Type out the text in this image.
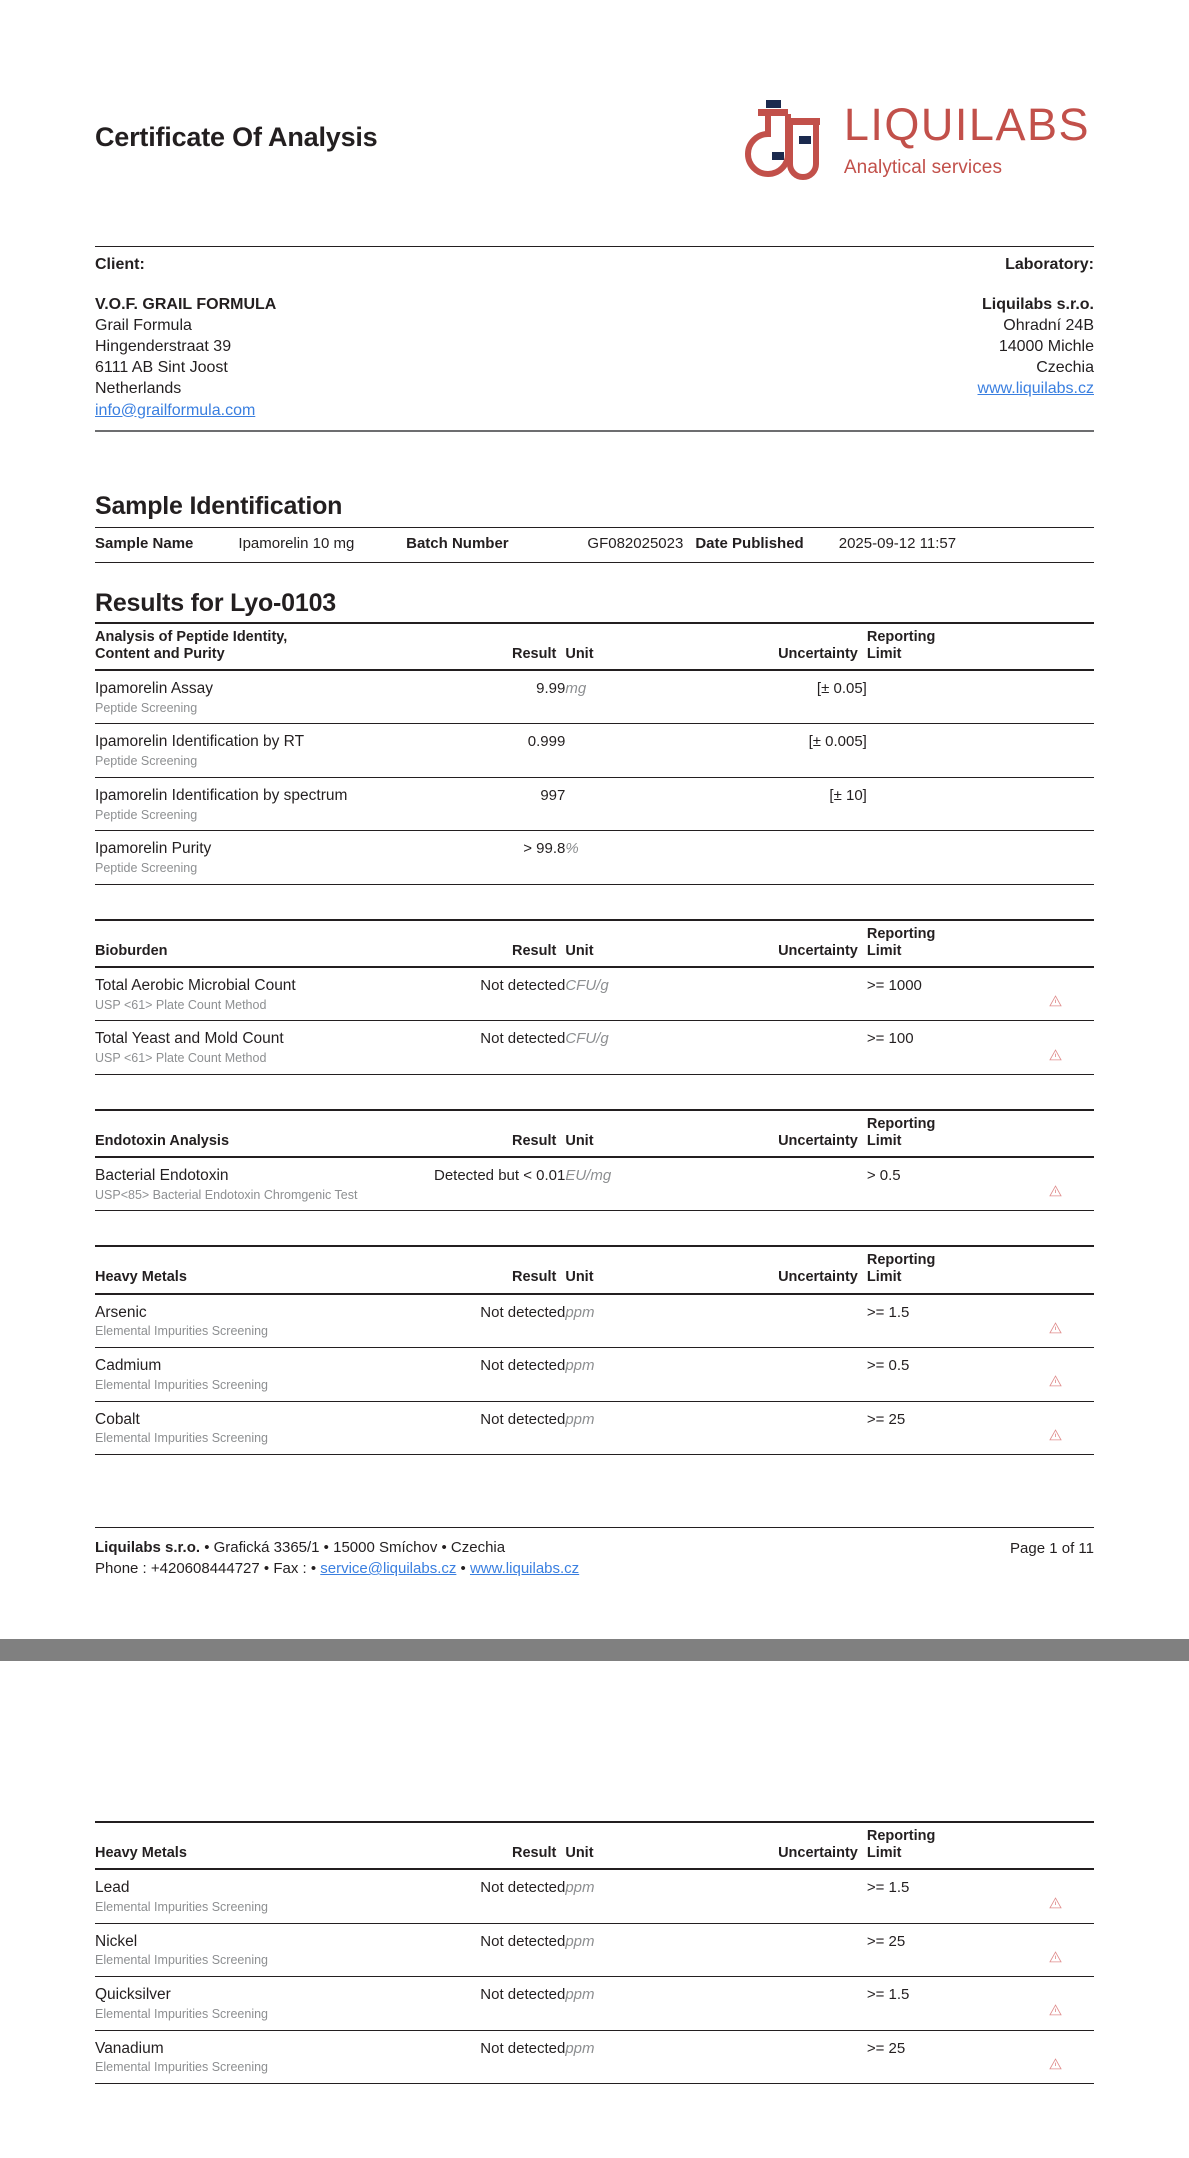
Certificate Of Analysis	LIQUILABS
Analytical services
Client:	Laboratory:
V.O.F. GRAIL FORMULA
Grail Formula
Hingenderstraat 39
6111 AB Sint Joost
Netherlands
info@grailformula.com
Liquilabs s.r.o.
Ohradní 24B
14000 Michle
Czechia
www.liquilabs.cz
Sample Identification
Sample Name	Ipamorelin 10 mg	Batch Number	GF082025023	Date Published	2025-09-12 11:57
Results for Lyo-0103
Analysis of Peptide Identity,
Content and Purity	Result	Unit	Uncertainty	Reporting
Limit	
Ipamorelin Assay
Peptide Screening	9.99	mg	[± 0.05]		
Ipamorelin Identification by RT
Peptide Screening	0.999		[± 0.005]		
Ipamorelin Identification by spectrum
Peptide Screening	997		[± 10]		
Ipamorelin Purity
Peptide Screening	> 99.8	%			
Bioburden	Result	Unit	Uncertainty	Reporting
Limit	
Total Aerobic Microbial Count
USP <61> Plate Count Method	Not detected	CFU/g		>= 1000	
Total Yeast and Mold Count
USP <61> Plate Count Method	Not detected	CFU/g		>= 100	
Endotoxin Analysis	Result	Unit	Uncertainty	Reporting
Limit	
Bacterial Endotoxin
USP<85> Bacterial Endotoxin Chromgenic Test	Detected but < 0.01	EU/mg		> 0.5	
Heavy Metals	Result	Unit	Uncertainty	Reporting
Limit	
Arsenic
Elemental Impurities Screening	Not detected	ppm		>= 1.5	
Cadmium
Elemental Impurities Screening	Not detected	ppm		>= 0.5	
Cobalt
Elemental Impurities Screening	Not detected	ppm		>= 25	
Liquilabs s.r.o. • Grafická 3365/1 • 15000 Smíchov • Czechia
Phone : +420608444727 • Fax : • service@liquilabs.cz • www.liquilabs.cz
Page 1 of 11
Heavy Metals	Result	Unit	Uncertainty	Reporting
Limit	
Lead
Elemental Impurities Screening	Not detected	ppm		>= 1.5	
Nickel
Elemental Impurities Screening	Not detected	ppm		>= 25	
Quicksilver
Elemental Impurities Screening	Not detected	ppm		>= 1.5	
Vanadium
Elemental Impurities Screening	Not detected	ppm		>= 25	
